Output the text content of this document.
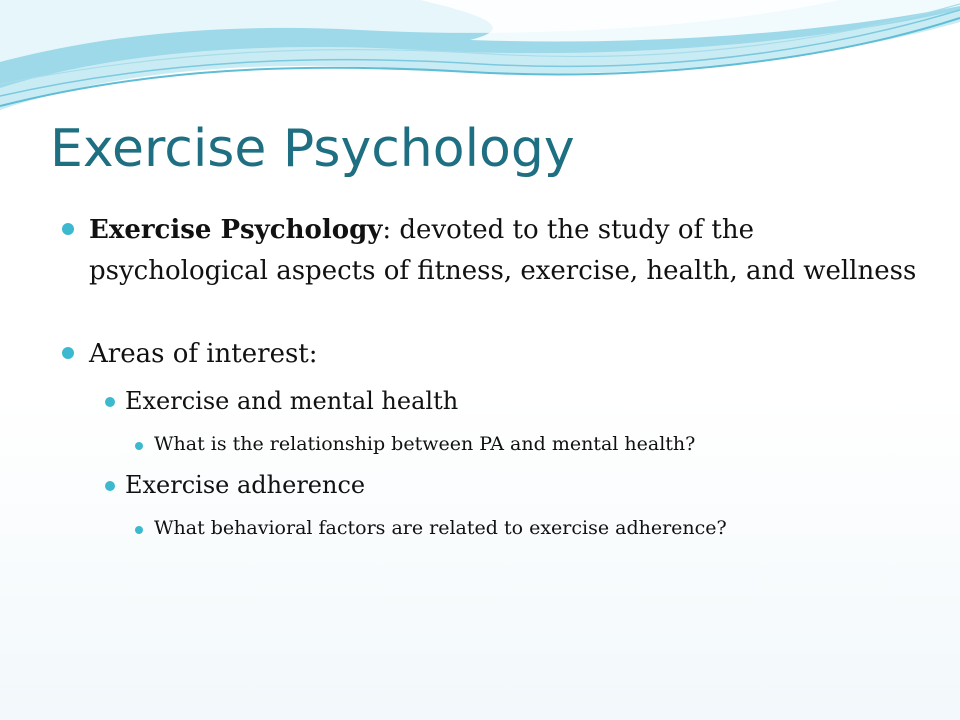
Exercise Psychology
Exercise Psychology: devoted to the study of the psychological aspects of fitness, exercise, health, and wellness
Areas of interest:
Exercise and mental health
What is the relationship between PA and mental health?
Exercise adherence
What behavioral factors are related to exercise adherence?
